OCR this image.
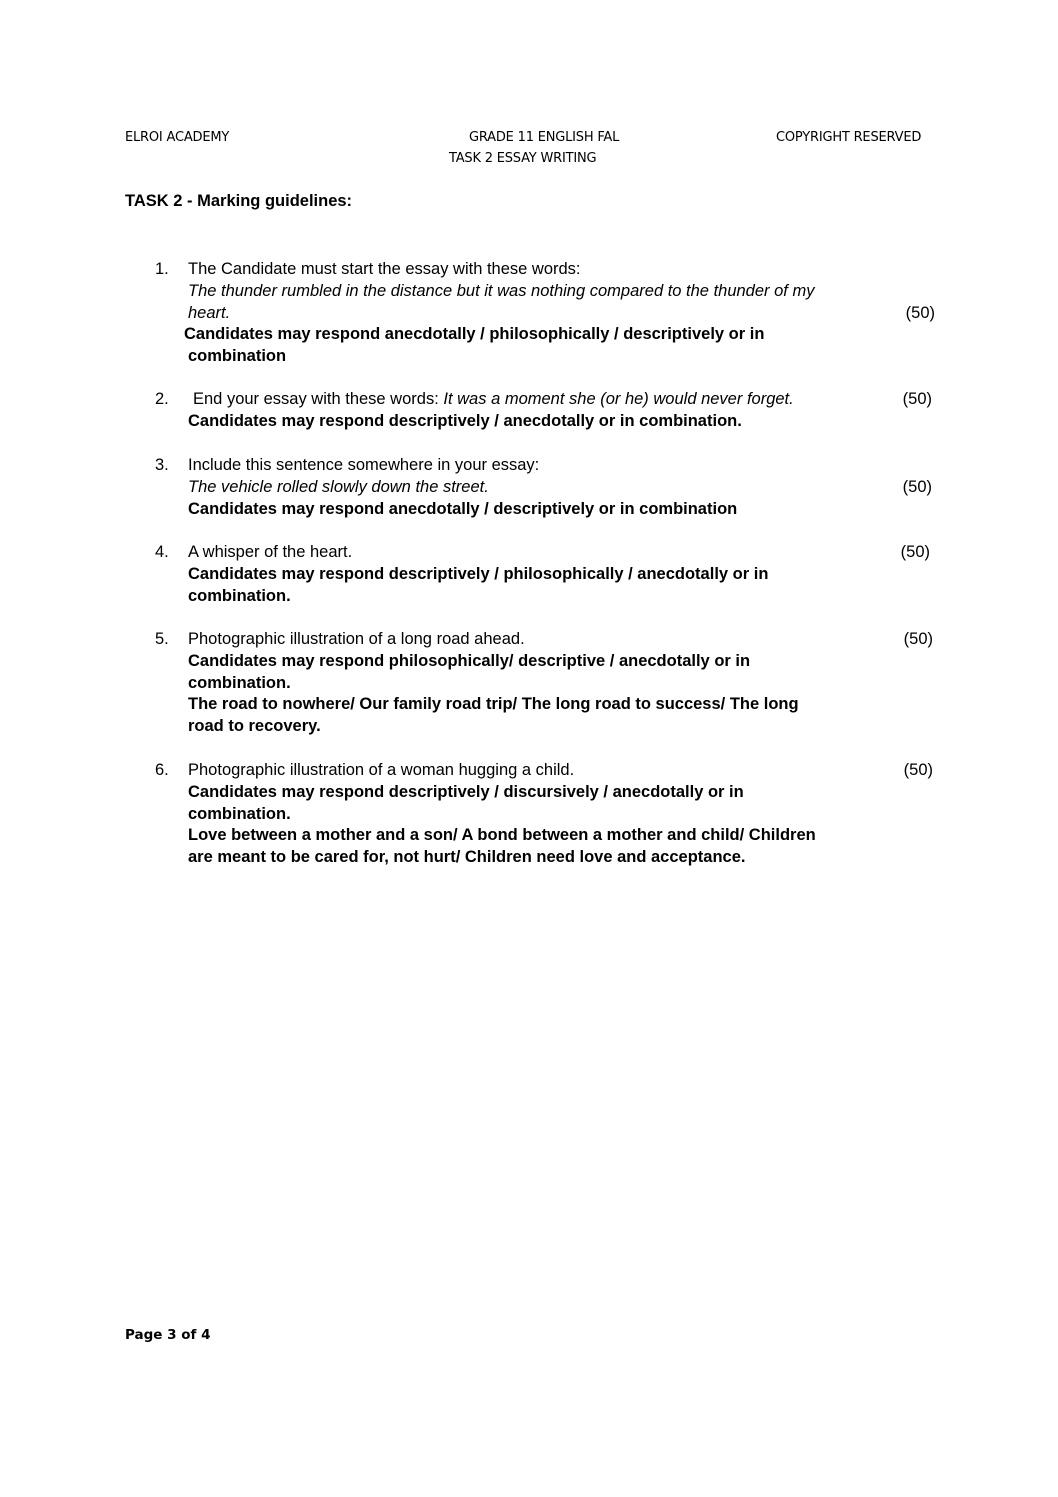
ELROI ACADEMY	GRADE 11 ENGLISH FAL
TASK 2 ESSAY WRITING
COPYRIGHT RESERVED
TASK 2 - Marking guidelines:
1. The Candidate must start the essay with these words:
The thunder rumbled in the distance but it was nothing compared to the thunder of my
heart.	(50)
Candidates may respond anecdotally / philosophically / descriptively or in
combination
2. End your essay with these words: It was a moment she (or he) would never forget.	(50)
Candidates may respond descriptively / anecdotally or in combination.
3. Include this sentence somewhere in your essay:
The vehicle rolled slowly down the street.	(50)
Candidates may respond anecdotally / descriptively or in combination
4. A whisper of the heart.	(50)
Candidates may respond descriptively / philosophically / anecdotally or in
combination.
5. Photographic illustration of a long road ahead.	(50)
Candidates may respond philosophically/ descriptive / anecdotally or in
combination.
The road to nowhere/ Our family road trip/ The long road to success/ The long
road to recovery.
6. Photographic illustration of a woman hugging a child.	(50)
Candidates may respond descriptively / discursively / anecdotally or in
combination.
Love between a mother and a son/ A bond between a mother and child/ Children
are meant to be cared for, not hurt/ Children need love and acceptance.
Page 3 of 4
